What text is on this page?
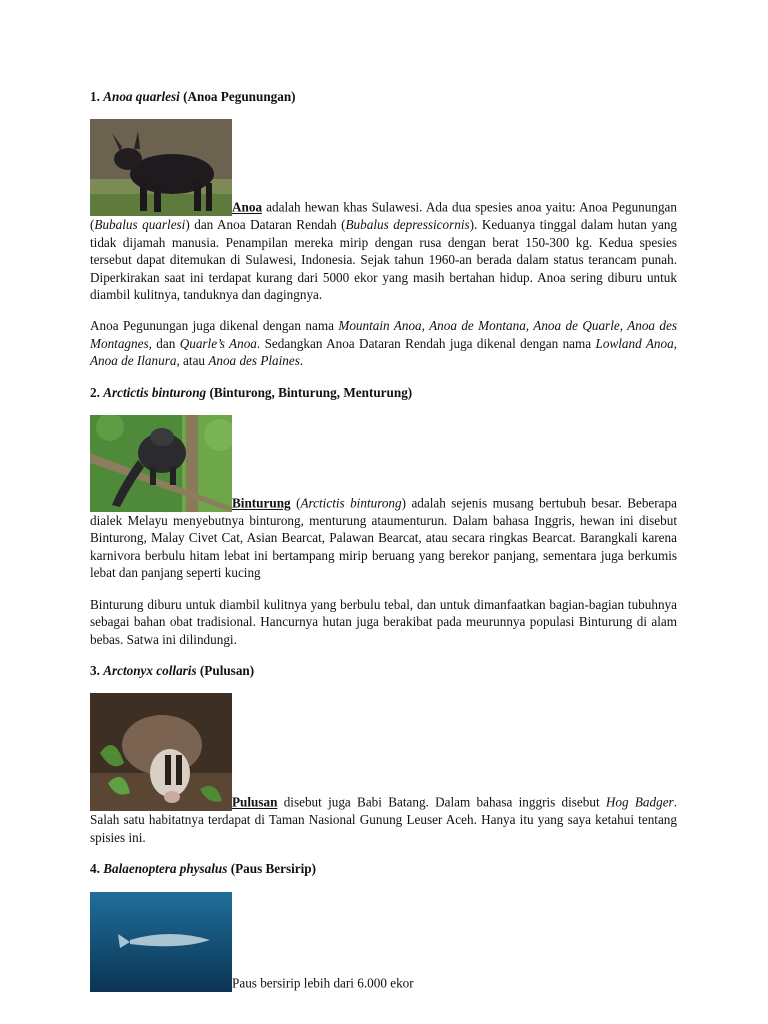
1. Anoa quarlesi (Anoa Pegunungan)
Anoa adalah hewan khas Sulawesi. Ada dua spesies anoa yaitu: Anoa Pegunungan (Bubalus quarlesi) dan Anoa Dataran Rendah (Bubalus depressicornis). Keduanya tinggal dalam hutan yang tidak dijamah manusia. Penampilan mereka mirip dengan rusa dengan berat 150-300 kg. Kedua spesies tersebut dapat ditemukan di Sulawesi, Indonesia. Sejak tahun 1960-an berada dalam status terancam punah. Diperkirakan saat ini terdapat kurang dari 5000 ekor yang masih bertahan hidup. Anoa sering diburu untuk diambil kulitnya, tanduknya dan dagingnya.
Anoa Pegunungan juga dikenal dengan nama Mountain Anoa, Anoa de Montana, Anoa de Quarle, Anoa des Montagnes, dan Quarle’s Anoa. Sedangkan Anoa Dataran Rendah juga dikenal dengan nama Lowland Anoa, Anoa de Ilanura, atau Anoa des Plaines.
2. Arctictis binturong (Binturong, Binturung, Menturung)
Binturung (Arctictis binturong) adalah sejenis musang bertubuh besar. Beberapa dialek Melayu menyebutnya binturong, menturung ataumenturun. Dalam bahasa Inggris, hewan ini disebut Binturong, Malay Civet Cat, Asian Bearcat, Palawan Bearcat, atau secara ringkas Bearcat. Barangkali karena karnivora berbulu hitam lebat ini bertampang mirip beruang yang berekor panjang, sementara juga berkumis lebat dan panjang seperti kucing
Binturung diburu untuk diambil kulitnya yang berbulu tebal, dan untuk dimanfaatkan bagian-bagian tubuhnya sebagai bahan obat tradisional. Hancurnya hutan juga berakibat pada meurunnya populasi Binturung di alam bebas. Satwa ini dilindungi.
3. Arctonyx collaris (Pulusan)
Pulusan disebut juga Babi Batang. Dalam bahasa inggris disebut Hog Badger. Salah satu habitatnya terdapat di Taman Nasional Gunung Leuser Aceh. Hanya itu yang saya ketahui tentang spisies ini.
4. Balaenoptera physalus (Paus Bersirip)
Paus bersirip lebih dari 6.000 ekor
